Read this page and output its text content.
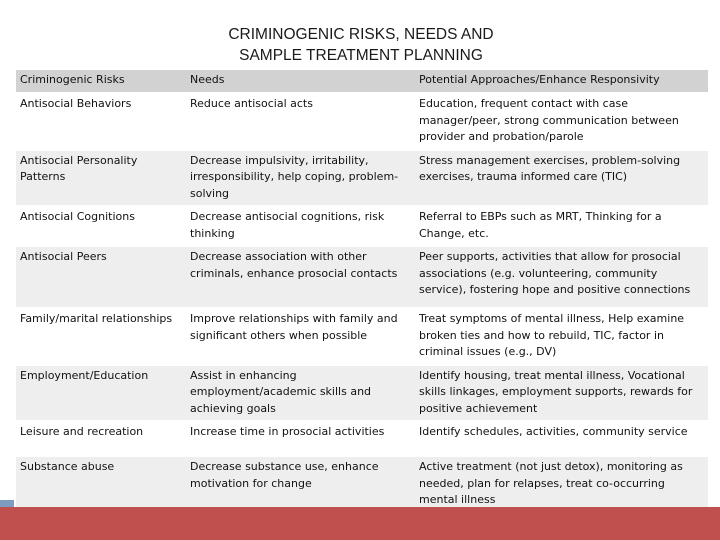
CRIMINOGENIC RISKS, NEEDS AND
SAMPLE TREATMENT PLANNING
Criminogenic Risks	Needs	Potential Approaches/Enhance Responsivity
Antisocial Behaviors	Reduce antisocial acts	Education, frequent contact with case manager/peer, strong communication between provider and probation/parole
Antisocial Personality Patterns	Decrease impulsivity, irritability, irresponsibility, help coping, problem-solving	Stress management exercises, problem-solving exercises, trauma informed care (TIC)
Antisocial Cognitions	Decrease antisocial cognitions, risk thinking	Referral to EBPs such as MRT, Thinking for a Change, etc.
Antisocial Peers	Decrease association with other criminals, enhance prosocial contacts	Peer supports, activities that allow for prosocial associations (e.g. volunteering, community service), fostering hope and positive connections
Family/marital relationships	Improve relationships with family and significant others when possible	Treat symptoms of mental illness, Help examine broken ties and how to rebuild, TIC, factor in criminal issues (e.g., DV)
Employment/Education	Assist in enhancing employment/academic skills and achieving goals	Identify housing, treat mental illness, Vocational skills linkages, employment supports, rewards for positive achievement
Leisure and recreation	Increase time in prosocial activities	Identify schedules, activities, community service
Substance abuse	Decrease substance use, enhance motivation for change	Active treatment (not just detox), monitoring as needed, plan for relapses, treat co-occurring mental illness
